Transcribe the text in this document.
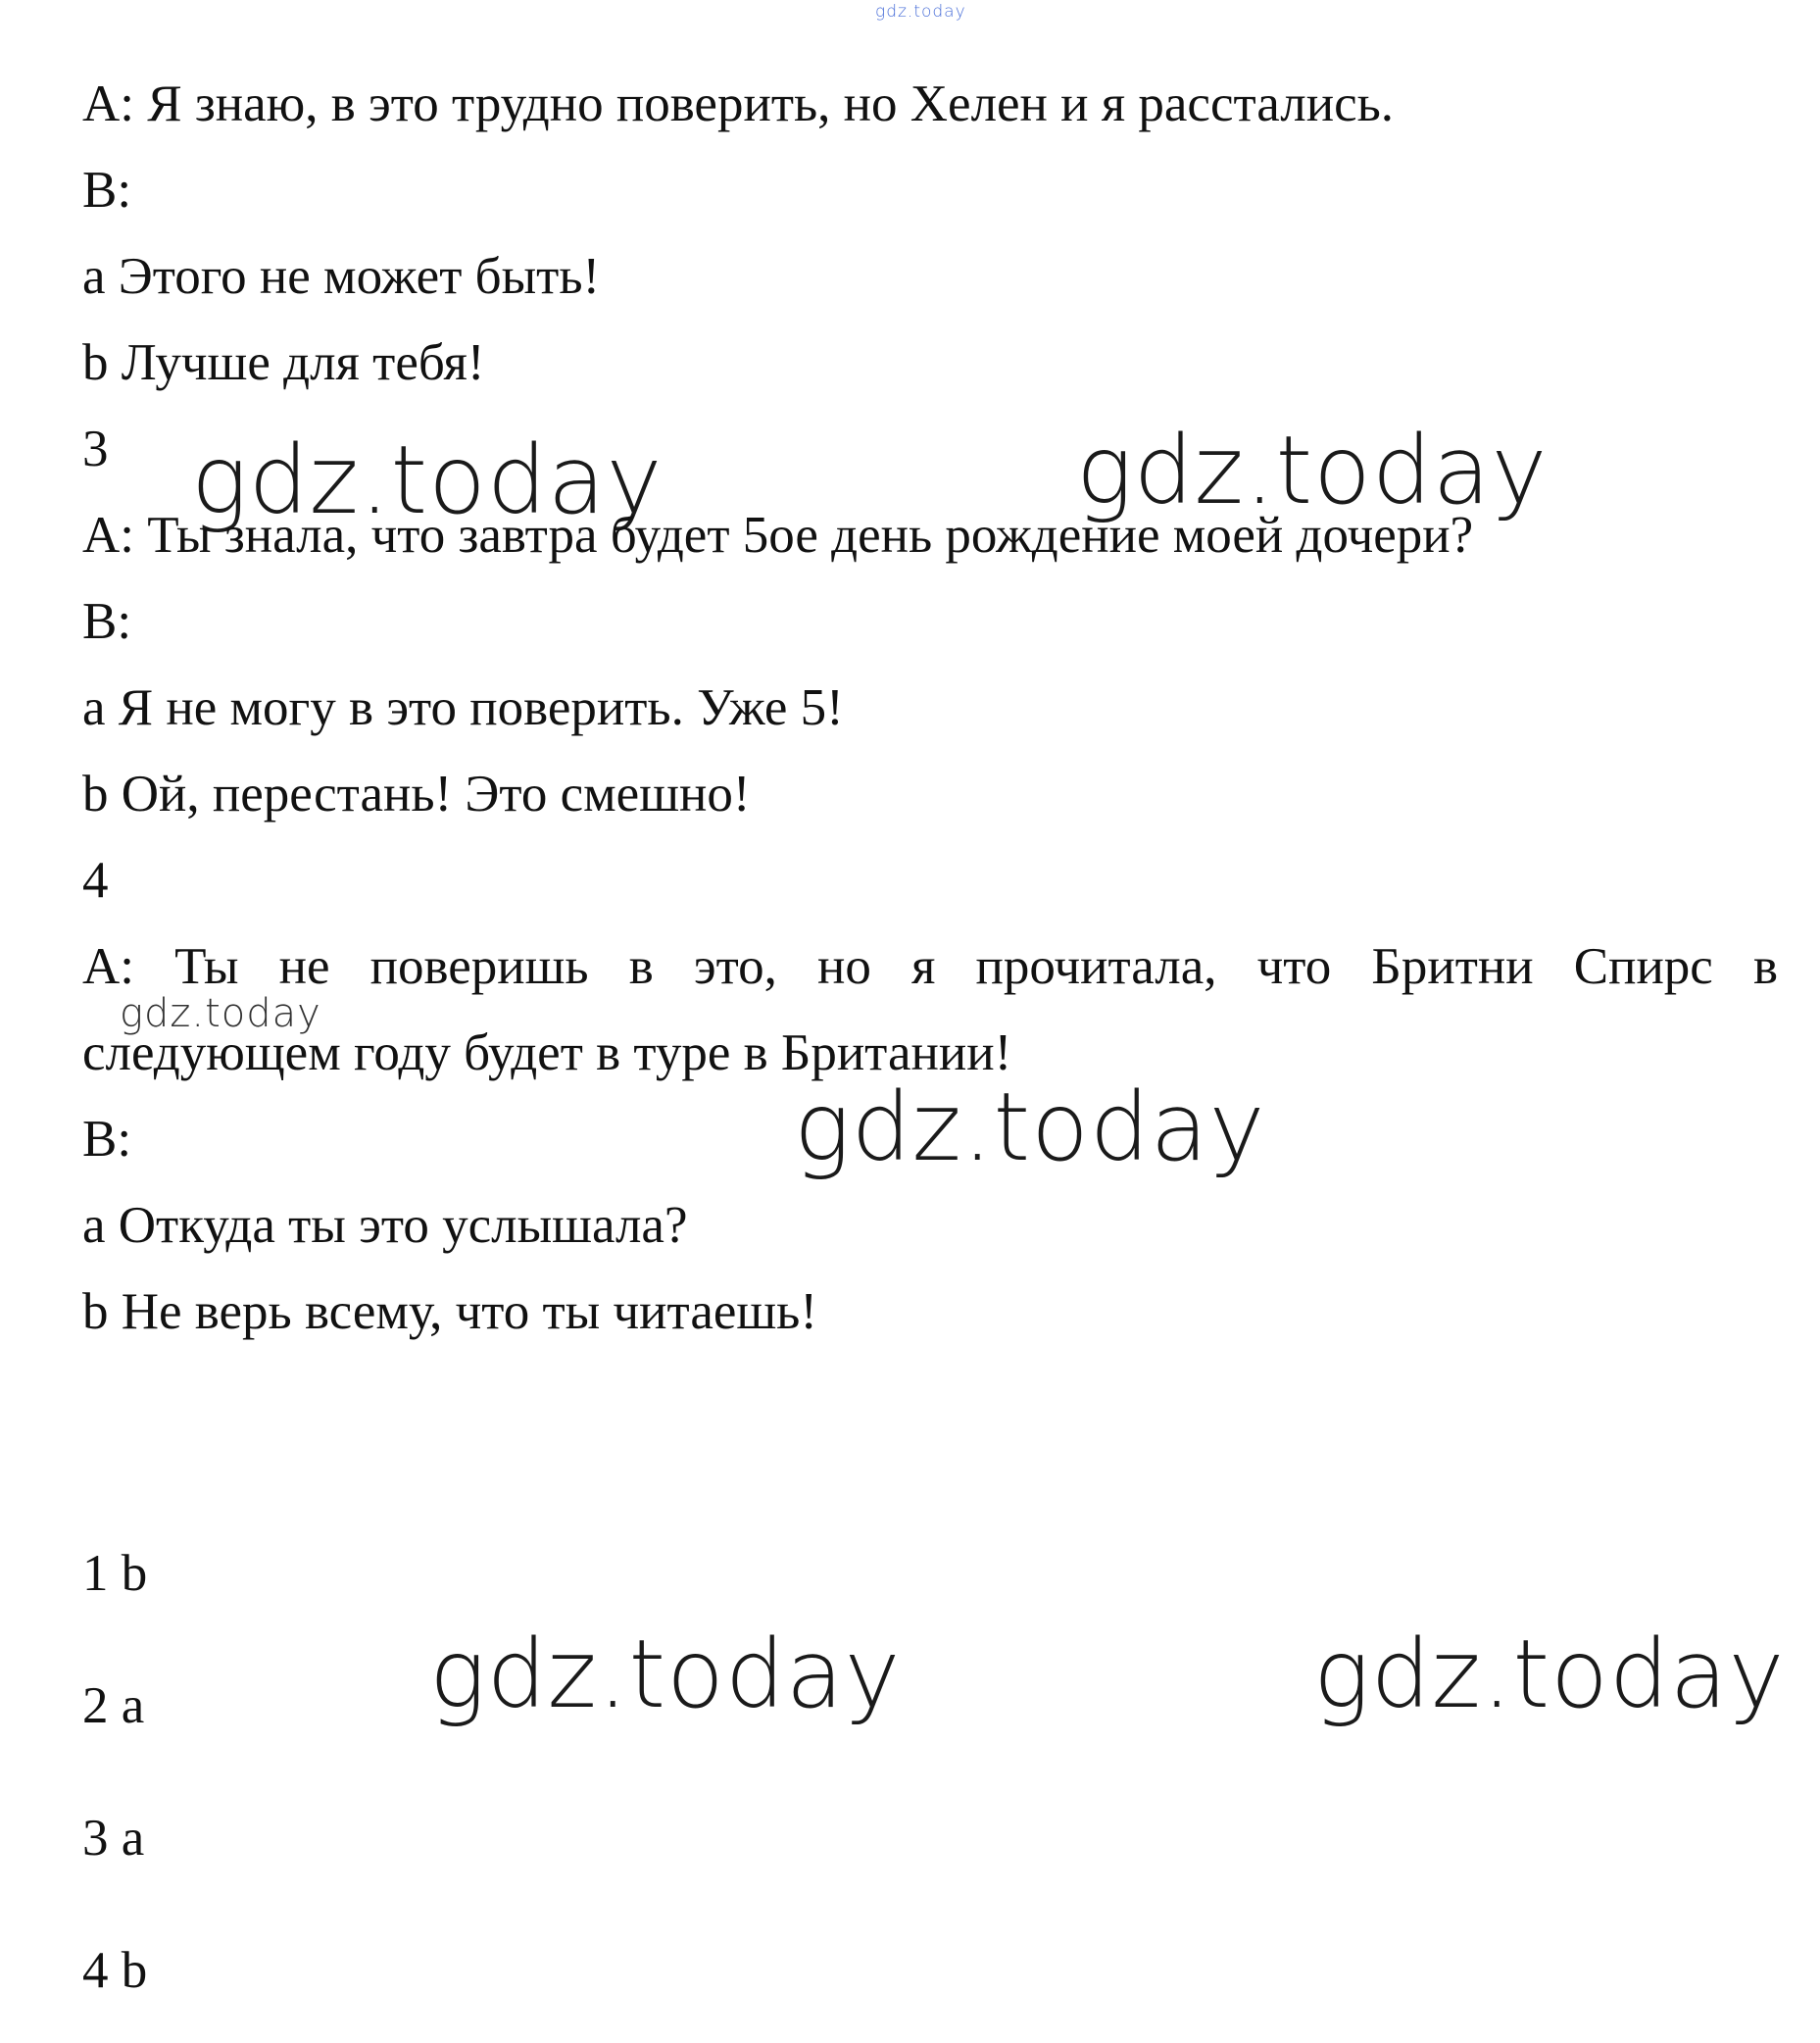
gdz.today
A: Я знаю, в это трудно поверить, но Хелен и я расстались.
B:
a Этого не может быть!
b Лучше для тебя!
3 gdz.today	gdz.today
A: Ты знала, что завтра будет 5ое день рождение моей дочери?
B:
a Я не могу в это поверить. Уже 5!
b Ой, перестань! Это смешно!
4
A: Ты не поверишь в это, но я прочитала, что Бритни Спирс в
gdz.today
следующем году будет в туре в Британии!
gdz.today
B:
a Откуда ты это услышала?
b Не верь всему, что ты читаешь!
1 b
2 a	gdz.today	gdz.today
3 a
4 b
